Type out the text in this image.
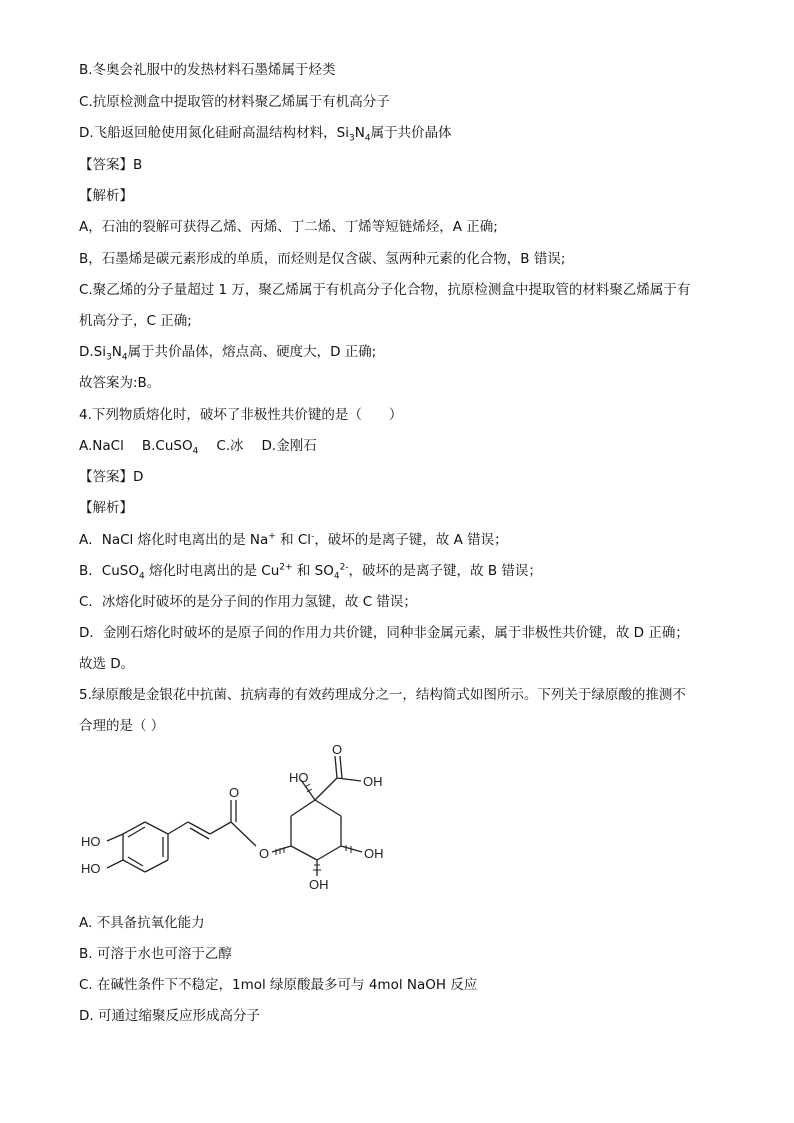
B.冬奥会礼服中的发热材料石墨烯属于烃类
C.抗原检测盒中提取管的材料聚乙烯属于有机高分子
D.飞船返回舱使用氮化硅耐高温结构材料，$Si_3N_4$属于共价晶体
【答案】B
【解析】
A，石油的裂解可获得乙烯、丙烯、丁二烯、丁烯等短链烯烃，A 正确;
B，石墨烯是碳元素形成的单质，而烃则是仅含碳、氢两种元素的化合物，B 错误;
C.聚乙烯的分子量超过 1 万，聚乙烯属于有机高分子化合物，抗原检测盒中提取管的材料聚乙烯属于有
机高分子，C 正确;
$D.Si_3N_4$属于共价晶体，熔点高、硬度大，D 正确;
故答案为:B。
4.下列物质熔化时，破坏了非极性共价键的是（　　）
A.NaCl B.CuSO$_4$ C.冰 D.金刚石
【答案】D
【解析】
A．NaCl 熔化时电离出的是 Na+ 和 Cl-，破坏的是离子键，故 A 错误；
B．CuSO$_4$ 熔化时电离出的是 $Cu^{2+}$ 和 $SO_4^{2-}$，破坏的是离子键，故 B 错误；
C．冰熔化时破坏的是分子间的作用力氢键，故 C 错误；
D．金刚石熔化时破坏的是原子间的作用力共价键，同种非金属元素，属于非极性共价键，故 D 正确；
故选 D。
5.绿原酸是金银花中抗菌、抗病毒的有效药理成分之一，结构简式如图所示。下列关于绿原酸的推测不
合理的是（ ）
HO	OH
O
O
O	OH
OH
HO
HO
A. 不具备抗氧化能力
B. 可溶于水也可溶于乙醇
C. 在碱性条件下不稳定，1mol 绿原酸最多可与 4mol NaOH 反应
D. 可通过缩聚反应形成高分子
